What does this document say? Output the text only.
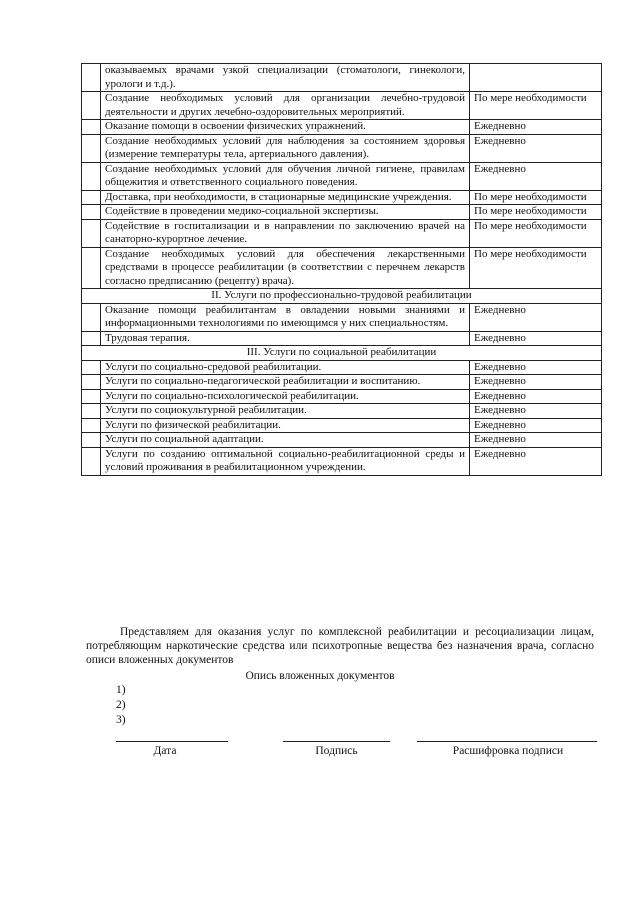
	оказываемых врачами узкой специализации (стоматологи, гинекологи, урологи и т.д.).	
	Создание необходимых условий для организации лечебно-трудовой деятельности и других лечебно-оздоровительных мероприятий.	По мере необходимости
	Оказание помощи в освоении физических упражнений.	Ежедневно
	Создание необходимых условий для наблюдения за состоянием здоровья (измерение температуры тела, артериального давления).	Ежедневно
	Создание необходимых условий для обучения личной гигиене, правилам общежития и ответственного социального поведения.	Ежедневно
	Доставка, при необходимости, в стационарные медицинские учреждения.	По мере необходимости
	Содействие в проведении медико-социальной экспертизы.	По мере необходимости
	Содействие в госпитализации и в направлении по заключению врачей на санаторно-курортное лечение.	По мере необходимости
	Создание необходимых условий для обеспечения лекарственными средствами в процессе реабилитации (в соответствии с перечнем лекарств согласно предписанию (рецепту) врача).	По мере необходимости
II. Услуги по профессионально-трудовой реабилитации		
	Оказание помощи реабилитантам в овладении новыми знаниями и информационными технологиями по имеющимся у них специальностям.	Ежедневно
	Трудовая терапия.	Ежедневно
III. Услуги по социальной реабилитации		
	Услуги по социально-средовой реабилитации.	Ежедневно
	Услуги по социально-педагогической реабилитации и воспитанию.	Ежедневно
	Услуги по социально-психологической реабилитации.	Ежедневно
	Услуги по социокультурной реабилитации.	Ежедневно
	Услуги по физической реабилитации.	Ежедневно
	Услуги по социальной адаптации.	Ежедневно
	Услуги по созданию оптимальной социально-реабилитационной среды и условий проживания в реабилитационном учреждении.	Ежедневно
Представляем для оказания услуг по комплексной реабилитации и ресоциализации лицам, потребляющим наркотические средства или психотропные вещества без назначения врача, согласно описи вложенных документов
Опись вложенных документов
1)
2)
3)
Дата	Подпись	Расшифровка подписи
